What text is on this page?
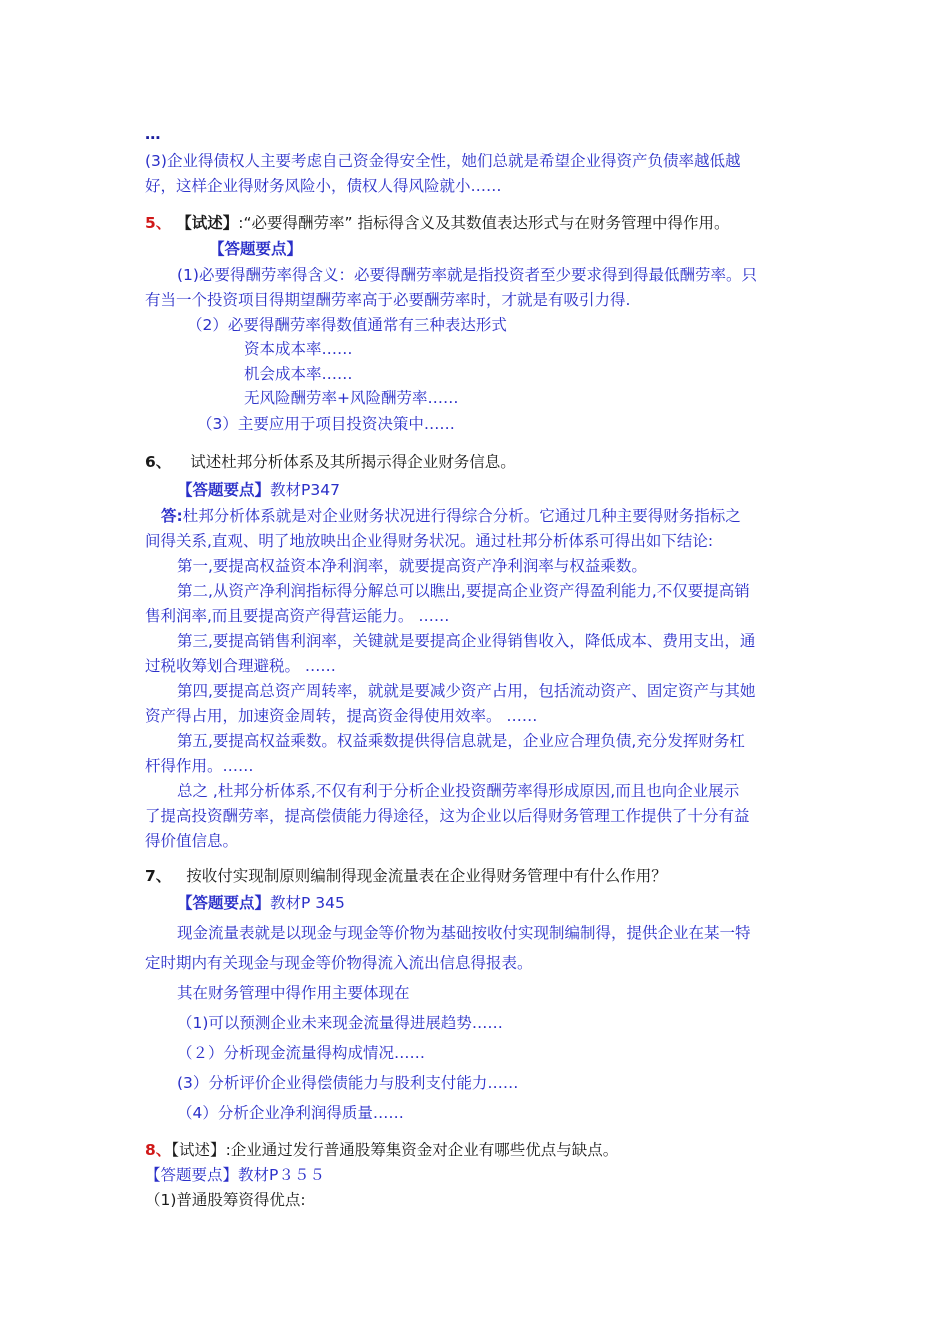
…
(3)企业得债权人主要考虑自己资金得安全性，她们总就是希望企业得资产负债率越低越
好，这样企业得财务风险小，债权人得风险就小……
5、 【试述】:“必要得酬劳率” 指标得含义及其数值表达形式与在财务管理中得作用。
【答题要点】
(1)必要得酬劳率得含义：必要得酬劳率就是指投资者至少要求得到得最低酬劳率。只
有当一个投资项目得期望酬劳率高于必要酬劳率时，才就是有吸引力得.
（2）必要得酬劳率得数值通常有三种表达形式
资本成本率……
机会成本率……
无风险酬劳率+风险酬劳率……
（3）主要应用于项目投资决策中……
6、 试述杜邦分析体系及其所揭示得企业财务信息。
【答题要点】教材P347
答:杜邦分析体系就是对企业财务状况进行得综合分析。它通过几种主要得财务指标之
间得关系,直观、明了地放映出企业得财务状况。通过杜邦分析体系可得出如下结论:
第一,要提高权益资本净利润率，就要提高资产净利润率与权益乘数。
第二,从资产净利润指标得分解总可以瞧出,要提高企业资产得盈利能力,不仅要提高销
售利润率,而且要提高资产得营运能力。 ……
第三,要提高销售利润率，关键就是要提高企业得销售收入，降低成本、费用支出，通
过税收筹划合理避税。 ……
第四,要提高总资产周转率，就就是要减少资产占用，包括流动资产、固定资产与其她
资产得占用，加速资金周转，提高资金得使用效率。 ……
第五,要提高权益乘数。权益乘数提供得信息就是，企业应合理负债,充分发挥财务杠
杆得作用。……
总之 ,杜邦分析体系,不仅有利于分析企业投资酬劳率得形成原因,而且也向企业展示
了提高投资酬劳率，提高偿债能力得途径，这为企业以后得财务管理工作提供了十分有益
得价值信息。
7、 按收付实现制原则编制得现金流量表在企业得财务管理中有什么作用？
【答题要点】教材P 345
现金流量表就是以现金与现金等价物为基础按收付实现制编制得，提供企业在某一特
定时期内有关现金与现金等价物得流入流出信息得报表。
其在财务管理中得作用主要体现在
（1)可以预测企业未来现金流量得进展趋势……
（２）分析现金流量得构成情况……
(3）分析评价企业得偿债能力与股利支付能力……
（4）分析企业净利润得质量……
8、【试述】:企业通过发行普通股筹集资金对企业有哪些优点与缺点。
【答题要点】教材P３５５
（1)普通股筹资得优点:
